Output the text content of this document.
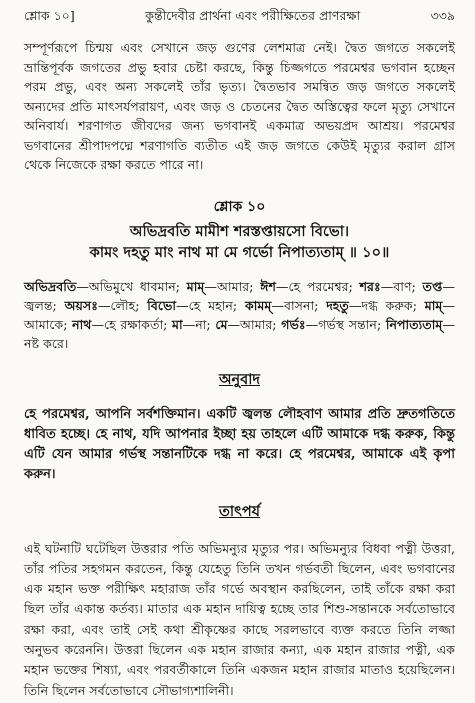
শ্লোক ১০]	কুন্তীদেবীর প্রার্থনা এবং পরীক্ষিতের প্রাণরক্ষা	৩৩৯

সম্পূর্ণরূপে চিন্ময় এবং সেখানে জড় গুণের লেশমাত্র নেই। দ্বৈত জগতে সকলেই ভ্রান্তিপূর্বক জগতের প্রভু হবার চেষ্টা করছে, কিন্তু চিজ্জগতে পরমেশ্বর ভগবান হচ্ছেন পরম প্রভু, এবং অন্য সকলেই তাঁর ভৃত্য। দ্বৈতভাব সমন্বিত জড় জগতে সকলেই অন্যদের প্রতি মাৎসর্যপরায়ণ, এবং জড় ও চেতনের দ্বৈত অস্তিত্বের ফলে মৃত্যু সেখানে অনিবার্য। শরণাগত জীবদের জন্য ভগবানই একমাত্র অভয়প্রদ আশ্রয়। পরমেশ্বর ভগবানের শ্রীপাদপদ্মে শরণাগতি ব্যতীত এই জড় জগতে কেউই মৃত্যুর করাল গ্রাস থেকে নিজেকে রক্ষা করতে পারে না।

শ্লোক ১০
অভিদ্রবতি মামীশ শরস্তপ্তায়সো বিভো।
কামং দহতু মাং নাথ মা মে গর্ভো নিপাত্যতাম্ ॥ ১০॥
অভিদ্রবতি—অভিমুখে ধাবমান; মাম্—আমার; ঈশ—হে পরমেশ্বর; শরঃ—বাণ; তপ্ত—জ্বলন্ত; অয়সঃ—লৌহ; বিভো—হে মহান; কামম্—বাসনা; দহতু—দগ্ধ করুক; মাম্—আমাকে; নাথ—হে রক্ষাকর্তা; মা—না; মে—আমার; গর্ভঃ—গর্ভস্থ সন্তান; নিপাত্যতাম্—নষ্ট করে।
অনুবাদ
হে পরমেশ্বর, আপনি সর্বশক্তিমান। একটি জ্বলন্ত লৌহবাণ আমার প্রতি দ্রুতগতিতে ধাবিত হচ্ছে। হে নাথ, যদি আপনার ইচ্ছা হয় তাহলে এটি আমাকে দগ্ধ করুক, কিন্তু এটি যেন আমার গর্ভস্থ সন্তানটিকে দগ্ধ না করে। হে পরমেশ্বর, আমাকে এই কৃপা করুন।
তাৎপর্য
এই ঘটনাটি ঘটেছিল উত্তরার পতি অভিমন্যুর মৃত্যুর পর। অভিমন্যুর বিধবা পত্নী উত্তরা, তাঁর পতির সহগমন করতেন, কিন্তু যেহেতু তিনি তখন গর্ভবতী ছিলেন, এবং ভগবানের এক মহান ভক্ত পরীক্ষিৎ মহারাজ তাঁর গর্ভে অবস্থান করছিলেন, তাই তাঁকে রক্ষা করা ছিল তাঁর একান্ত কর্তব্য। মাতার এক মহান দায়িত্ব হচ্ছে তার শিশু-সন্তানকে সর্বতোভাবে রক্ষা করা, এবং তাই সেই কথা শ্রীকৃষ্ণের কাছে সরলভাবে ব্যক্ত করতে তিনি লজ্জা অনুভব করেননি। উত্তরা ছিলেন এক মহান রাজার কন্যা, এক মহান রাজার পত্নী, এক মহান ভক্তের শিষ্যা, এবং পরবর্তীকালে তিনি একজন মহান রাজার মাতাও হয়েছিলেন। তিনি ছিলেন সর্বতোভাবে সৌভাগ্যশালিনী।
